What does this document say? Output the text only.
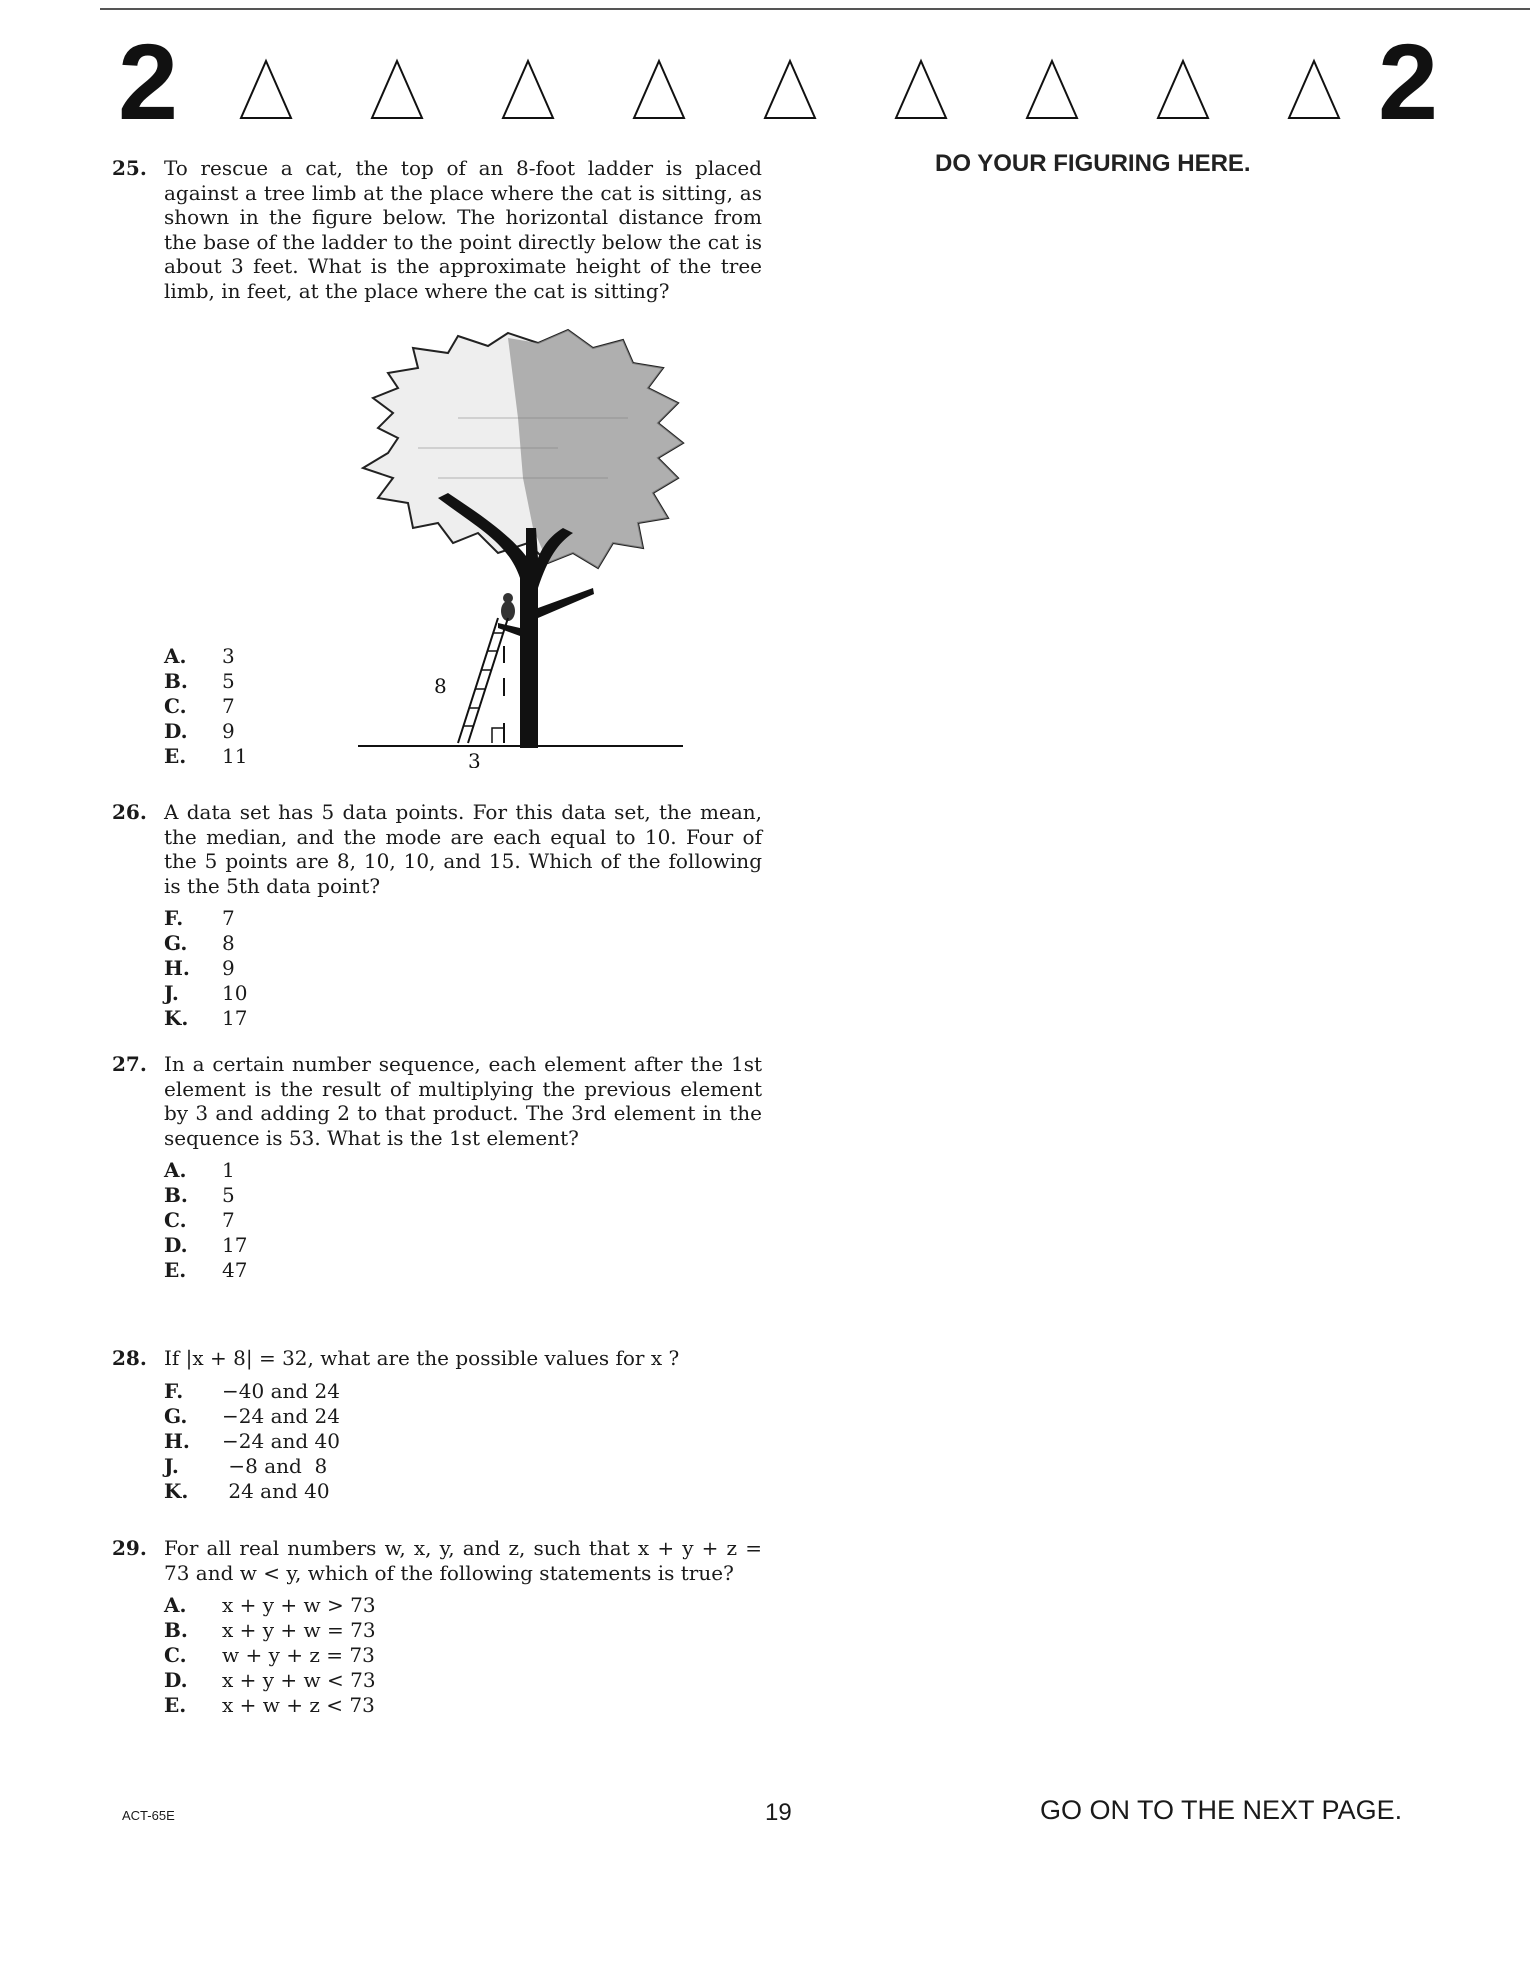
2	2
DO YOUR FIGURING HERE.
25. To rescue a cat, the top of an 8-foot ladder is placed against a tree limb at the place where the cat is sitting, as shown in the figure below. The horizontal distance from the base of the ladder to the point directly below the cat is about 3 feet. What is the approximate height of the tree limb, in feet, at the place where the cat is sitting?
A.	3
B.	5
C.	7
D.	9
E.	11
8
3
26. A data set has 5 data points. For this data set, the mean, the median, and the mode are each equal to 10. Four of the 5 points are 8, 10, 10, and 15. Which of the following is the 5th data point?
F.	7
G.	8
H.	9
J.	10
K.	17
27. In a certain number sequence, each element after the 1st element is the result of multiplying the previous element by 3 and adding 2 to that product. The 3rd element in the sequence is 53. What is the 1st element?
A.	1
B.	5
C.	7
D.	17
E.	47
28. If |x + 8| = 32, what are the possible values for x ?
F.	−40 and 24
G.	−24 and 24
H.	−24 and 40
J.	−8 and  8
K.	24 and 40
29. For all real numbers w, x, y, and z, such that x + y + z = 73 and w < y, which of the following statements is true?
A.	x + y + w > 73
B.	x + y + w = 73
C.	w + y + z = 73
D.	x + y + w < 73
E.	x + w + z < 73
ACT-65E	19	GO ON TO THE NEXT PAGE.
